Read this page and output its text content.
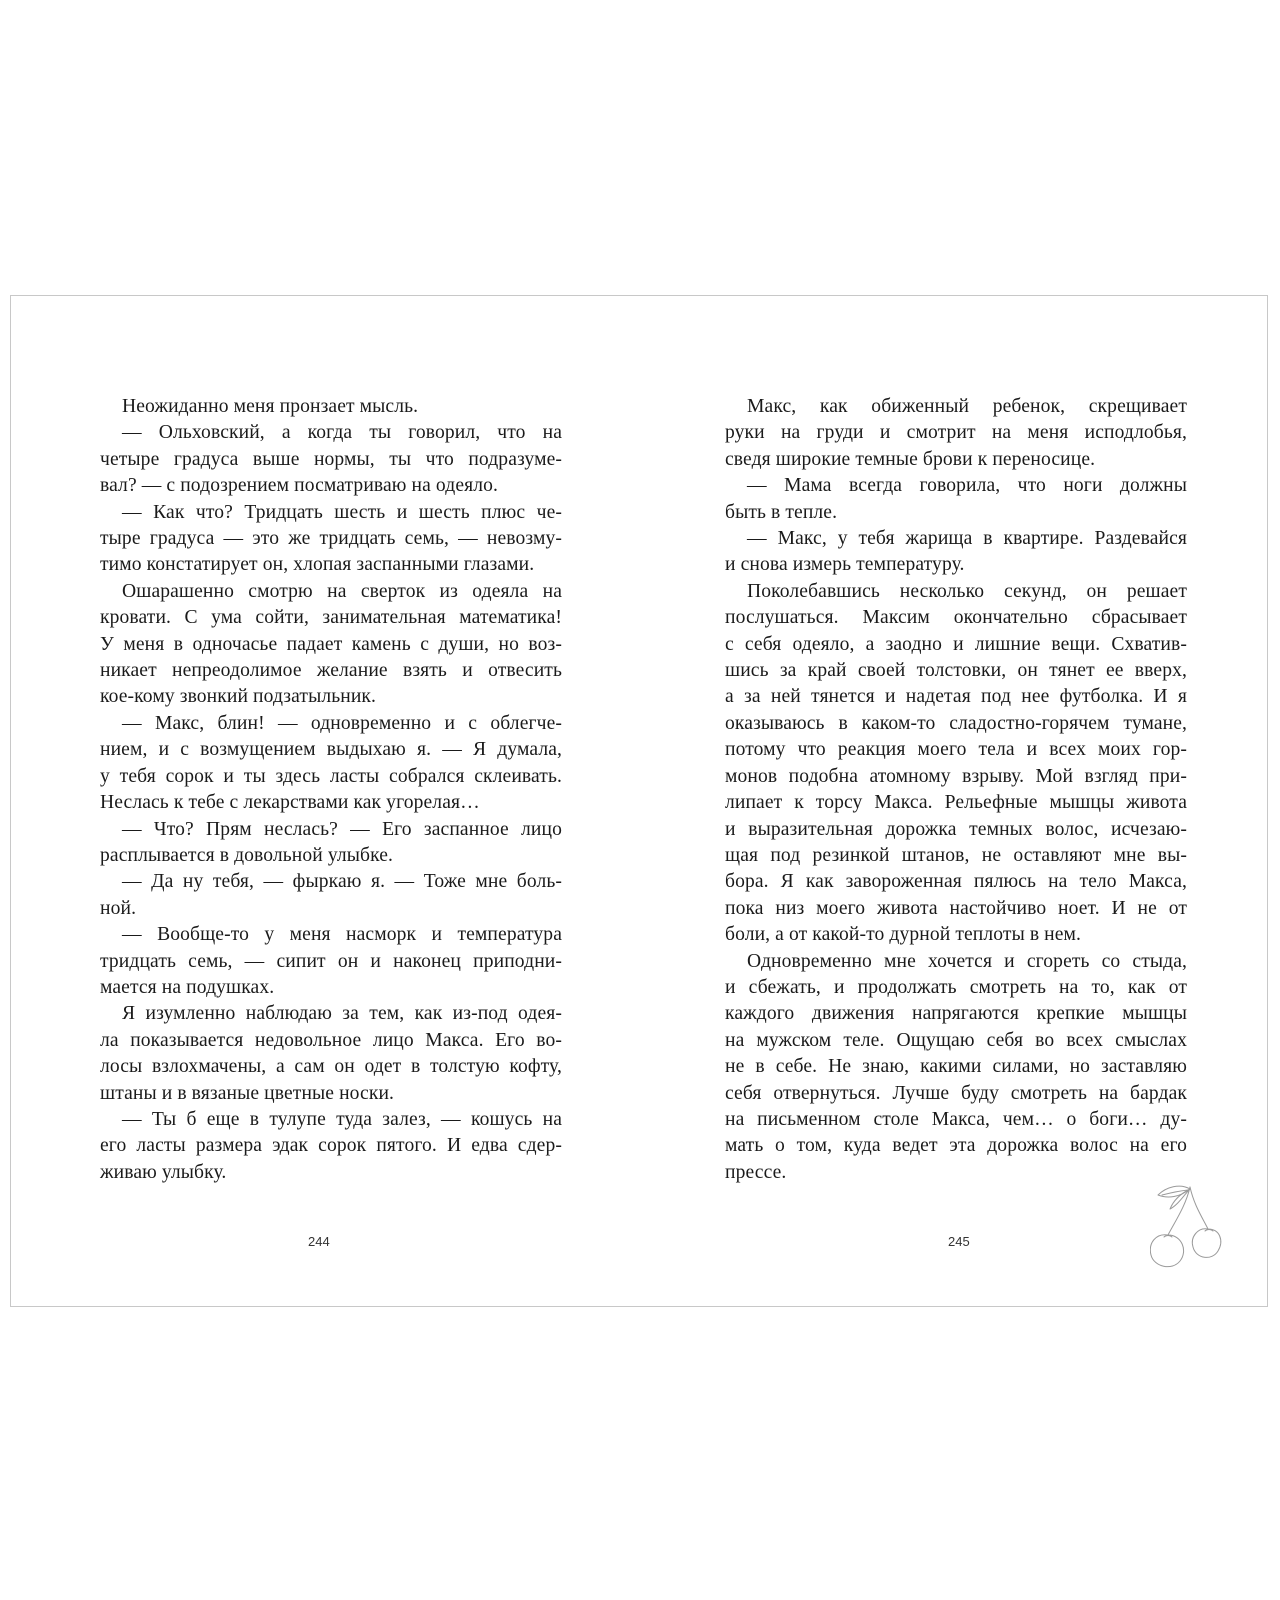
Неожиданно меня пронзает мысль.
— Ольховский, а когда ты говорил, что на
четыре градуса выше нормы, ты что подразуме-
вал? — с подозрением посматриваю на одеяло.
— Как что? Тридцать шесть и шесть плюс че-
тыре градуса — это же тридцать семь, — невозму-
тимо констатирует он, хлопая заспанными глазами.
Ошарашенно смотрю на сверток из одеяла на
кровати. С ума сойти, занимательная математика!
У меня в одночасье падает камень с души, но воз-
никает непреодолимое желание взять и отвесить
кое-кому звонкий подзатыльник.
— Макс, блин! — одновременно и с облегче-
нием, и с возмущением выдыхаю я. — Я думала,
у тебя сорок и ты здесь ласты собрался склеивать.
Неслась к тебе с лекарствами как угорелая…
— Что? Прям неслась? — Его заспанное лицо
расплывается в довольной улыбке.
— Да ну тебя, — фыркаю я. — Тоже мне боль-
ной.
— Вообще-то у меня насморк и температура
тридцать семь, — сипит он и наконец приподни-
мается на подушках.
Я изумленно наблюдаю за тем, как из-под одея-
ла показывается недовольное лицо Макса. Его во-
лосы взлохмачены, а сам он одет в толстую кофту,
штаны и в вязаные цветные носки.
— Ты б еще в тулупе туда залез, — кошусь на
его ласты размера эдак сорок пятого. И едва сдер-
живаю улыбку.
Макс, как обиженный ребенок, скрещивает
руки на груди и смотрит на меня исподлобья,
сведя широкие темные брови к переносице.
— Мама всегда говорила, что ноги должны
быть в тепле.
— Макс, у тебя жарища в квартире. Раздевайся
и снова измерь температуру.
Поколебавшись несколько секунд, он решает
послушаться. Максим окончательно сбрасывает
с себя одеяло, а заодно и лишние вещи. Схватив-
шись за край своей толстовки, он тянет ее вверх,
а за ней тянется и надетая под нее футболка. И я
оказываюсь в каком-то сладостно-горячем тумане,
потому что реакция моего тела и всех моих гор-
монов подобна атомному взрыву. Мой взгляд при-
липает к торсу Макса. Рельефные мышцы живота
и выразительная дорожка темных волос, исчезаю-
щая под резинкой штанов, не оставляют мне вы-
бора. Я как завороженная пялюсь на тело Макса,
пока низ моего живота настойчиво ноет. И не от
боли, а от какой-то дурной теплоты в нем.
Одновременно мне хочется и сгореть со стыда,
и сбежать, и продолжать смотреть на то, как от
каждого движения напрягаются крепкие мышцы
на мужском теле. Ощущаю себя во всех смыслах
не в себе. Не знаю, какими силами, но заставляю
себя отвернуться. Лучше буду смотреть на бардак
на письменном столе Макса, чем… о боги… ду-
мать о том, куда ведет эта дорожка волос на его
прессе.
244	245
